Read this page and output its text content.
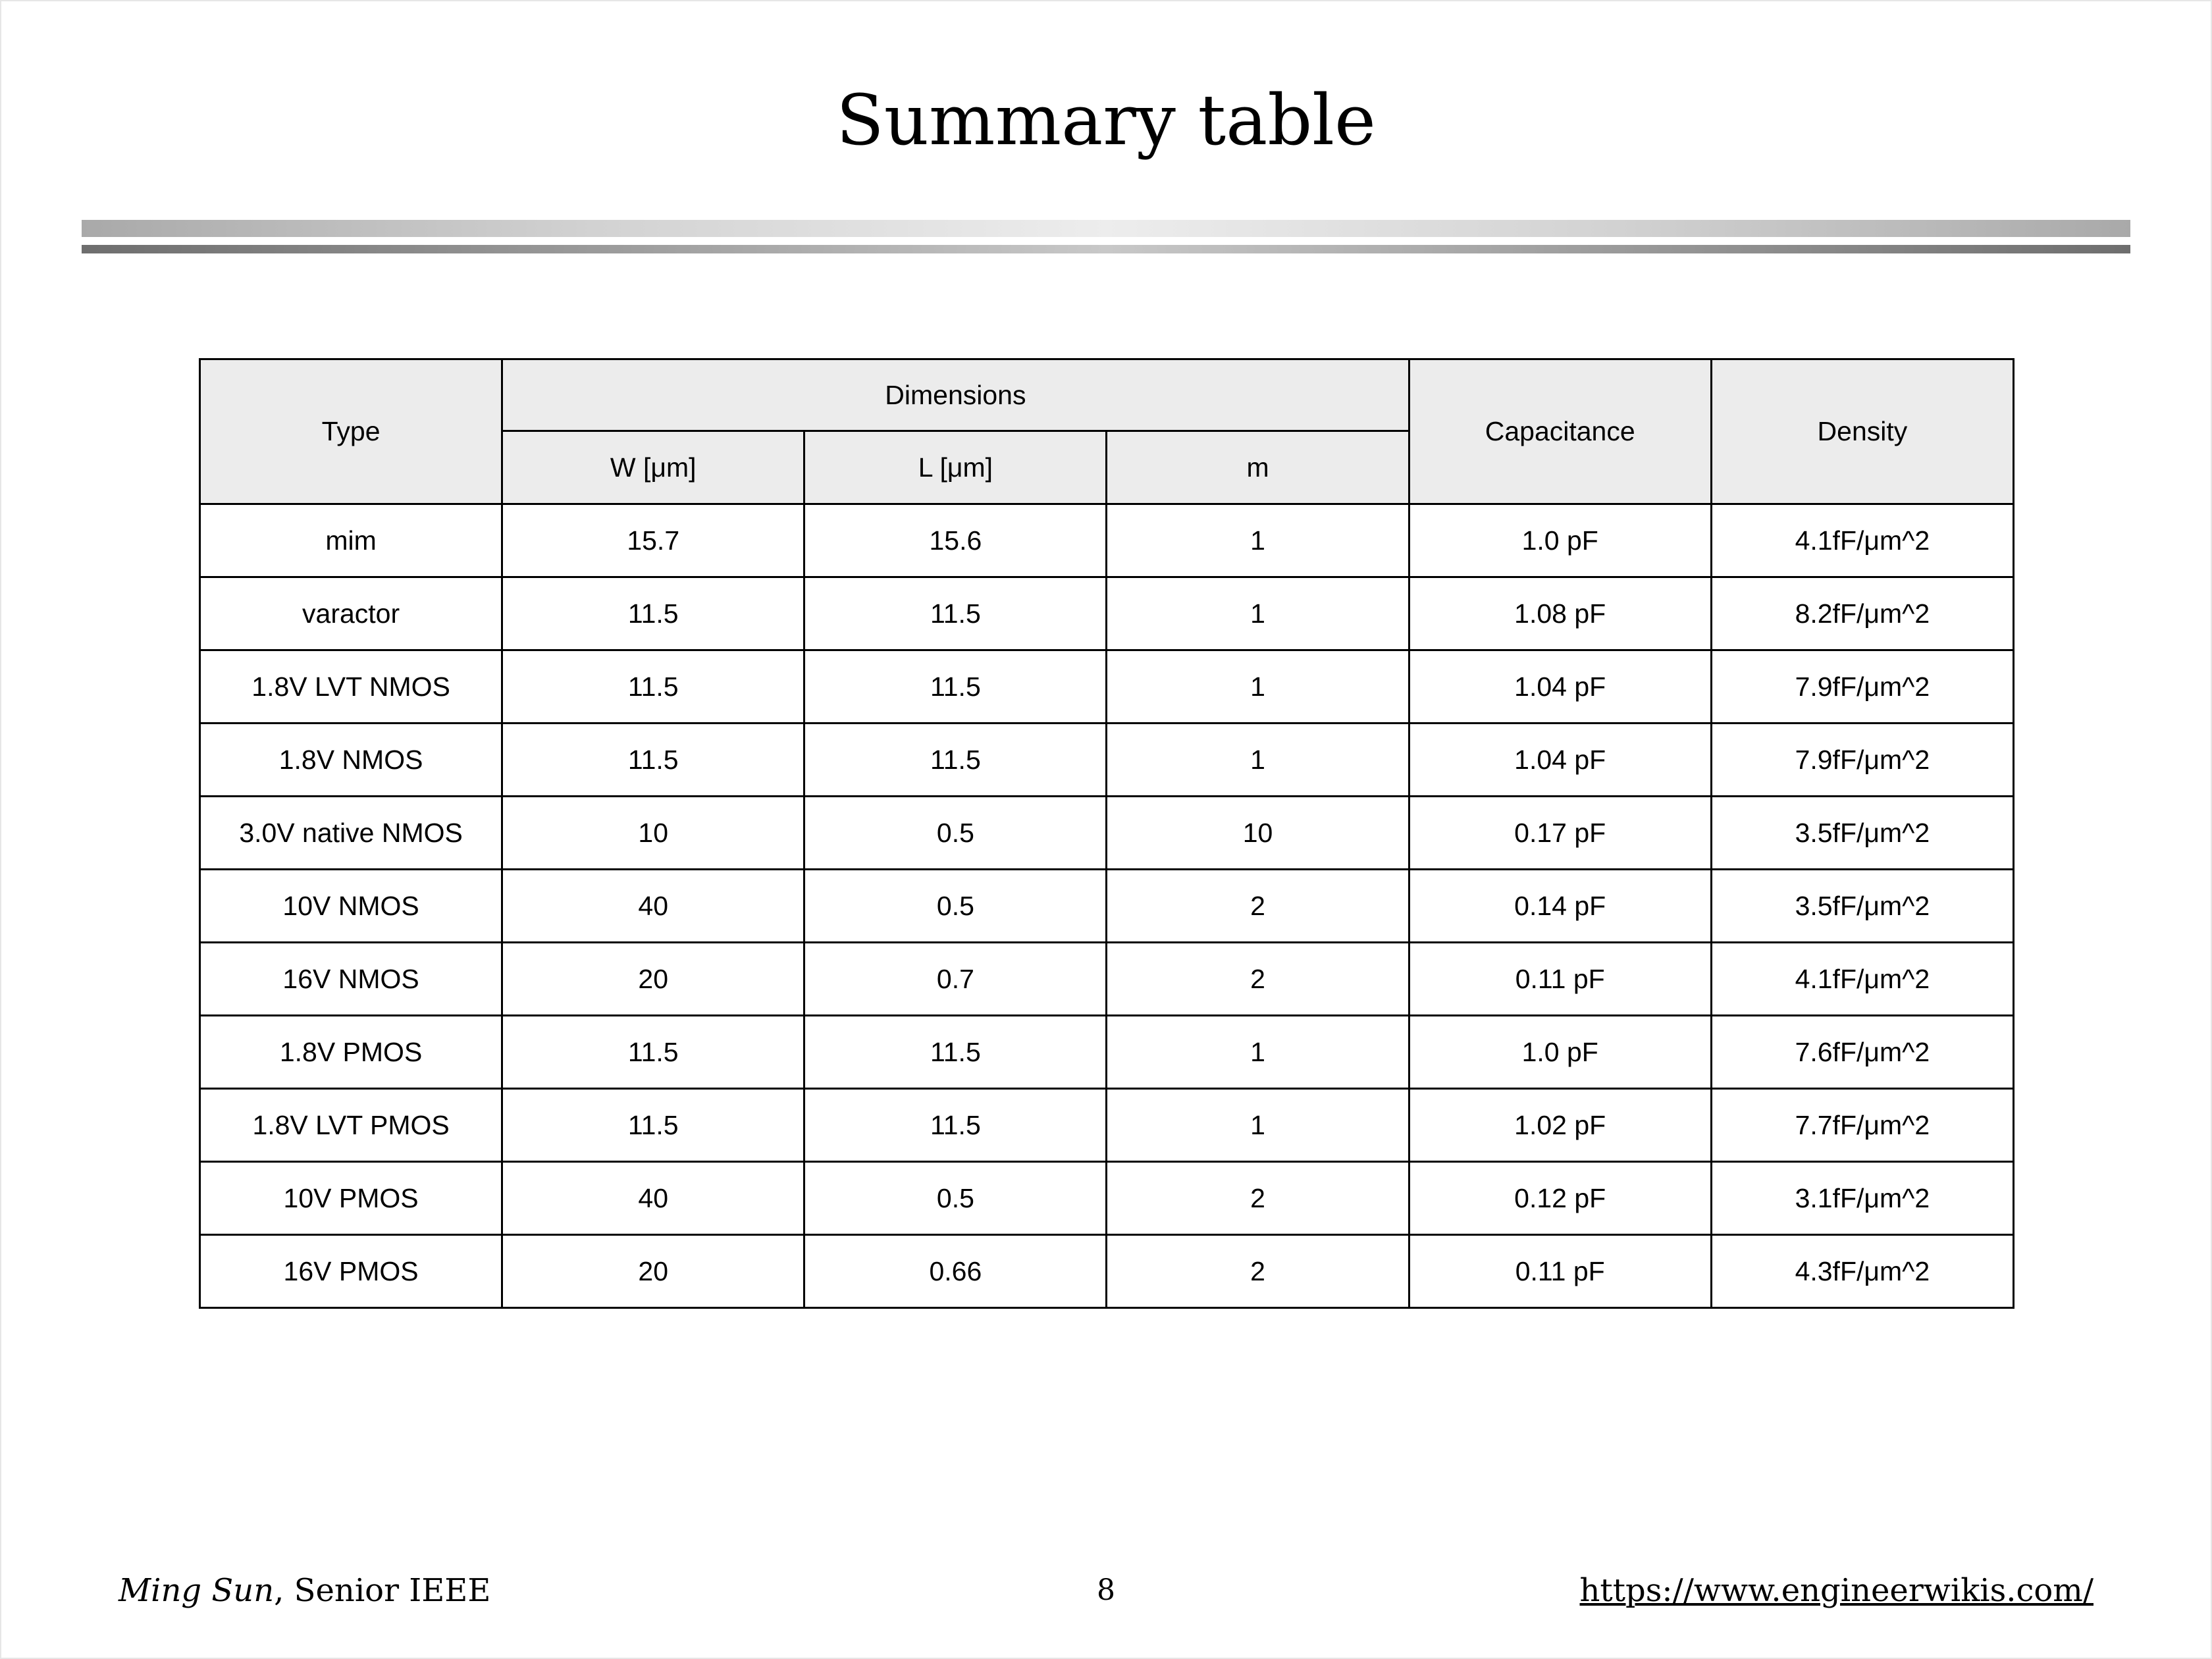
Summary table
Type	Dimensions			Capacitance	Density
	W [μm]	L [μm]	m		
mim	15.7	15.6	1	1.0 pF	4.1fF/μm^2
varactor	11.5	11.5	1	1.08 pF	8.2fF/μm^2
1.8V LVT NMOS	11.5	11.5	1	1.04 pF	7.9fF/μm^2
1.8V NMOS	11.5	11.5	1	1.04 pF	7.9fF/μm^2
3.0V native NMOS	10	0.5	10	0.17 pF	3.5fF/μm^2
10V NMOS	40	0.5	2	0.14 pF	3.5fF/μm^2
16V NMOS	20	0.7	2	0.11 pF	4.1fF/μm^2
1.8V PMOS	11.5	11.5	1	1.0 pF	7.6fF/μm^2
1.8V LVT PMOS	11.5	11.5	1	1.02 pF	7.7fF/μm^2
10V PMOS	40	0.5	2	0.12 pF	3.1fF/μm^2
16V PMOS	20	0.66	2	0.11 pF	4.3fF/μm^2
Ming Sun, Senior IEEE	8	https://www.engineerwikis.com/
